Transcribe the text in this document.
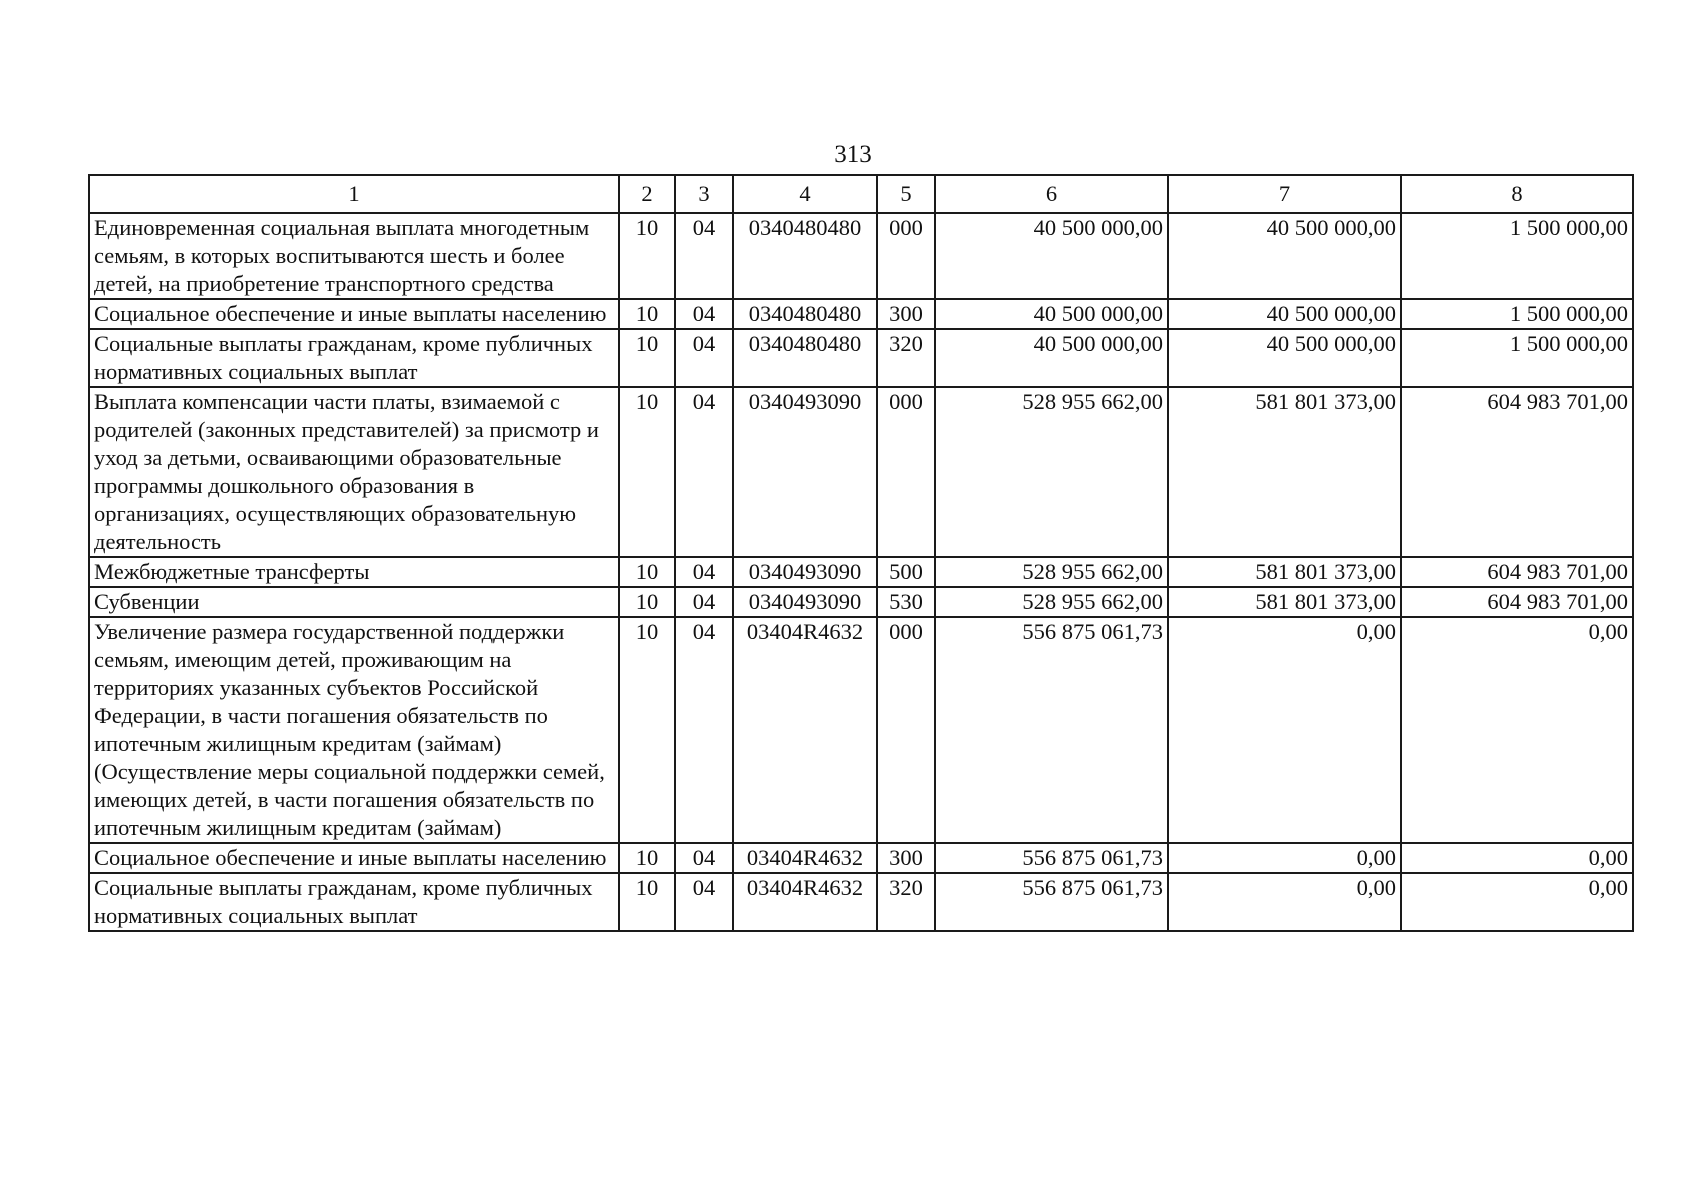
313
1	2	3	4	5	6	7	8
Единовременная социальная выплата многодетным семьям, в которых воспитываются шесть и более детей, на приобретение транспортного средства	10	04	0340480480	000	40 500 000,00	40 500 000,00	1 500 000,00
Социальное обеспечение и иные выплаты населению	10	04	0340480480	300	40 500 000,00	40 500 000,00	1 500 000,00
Социальные выплаты гражданам, кроме публичных нормативных социальных выплат	10	04	0340480480	320	40 500 000,00	40 500 000,00	1 500 000,00
Выплата компенсации части платы, взимаемой с родителей (законных представителей) за присмотр и уход за детьми, осваивающими образовательные программы дошкольного образования в организациях, осуществляющих образовательную деятельность	10	04	0340493090	000	528 955 662,00	581 801 373,00	604 983 701,00
Межбюджетные трансферты	10	04	0340493090	500	528 955 662,00	581 801 373,00	604 983 701,00
Субвенции	10	04	0340493090	530	528 955 662,00	581 801 373,00	604 983 701,00
Увеличение размера государственной поддержки семьям, имеющим детей, проживающим на территориях указанных субъектов Российской Федерации, в части погашения обязательств по ипотечным жилищным кредитам (займам) (Осуществление меры социальной поддержки семей, имеющих детей, в части погашения обязательств по ипотечным жилищным кредитам (займам)	10	04	03404R4632	000	556 875 061,73	0,00	0,00
Социальное обеспечение и иные выплаты населению	10	04	03404R4632	300	556 875 061,73	0,00	0,00
Социальные выплаты гражданам, кроме публичных нормативных социальных выплат	10	04	03404R4632	320	556 875 061,73	0,00	0,00
